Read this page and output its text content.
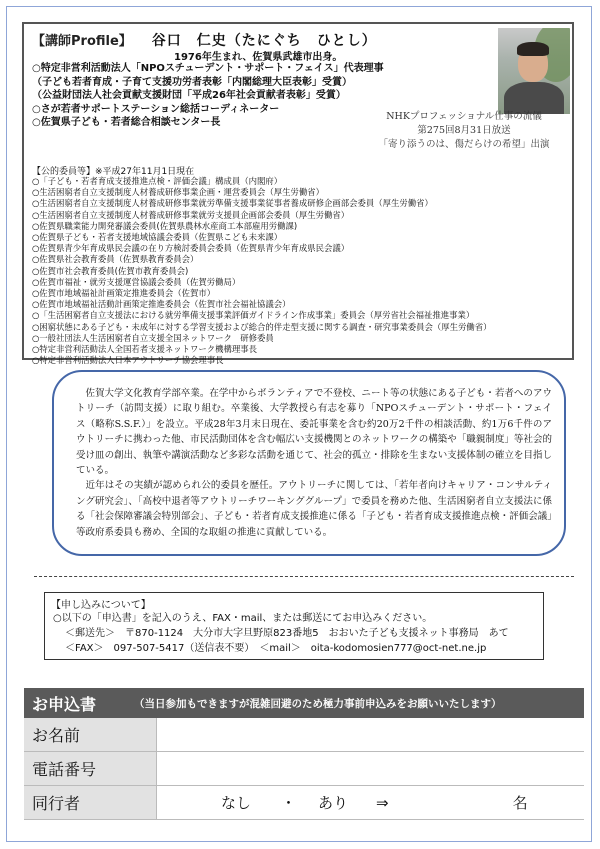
【講師Profile】 谷口　仁史（たにぐち　ひとし）
1976年生まれ、佐賀県武雄市出身。
○特定非営利活動法人「NPOスチューデント・サポート・フェイス」代表理事
（子ども若者育成・子育て支援功労者表彰「内閣総理大臣表彰」受賞）
（公益財団法人社会貢献支援財団「平成26年社会貢献者表彰」受賞）
○さが若者サポートステーション総括コーディネーター
○佐賀県子ども・若者総合相談センター長
NHKプロフェッショナル仕事の流儀
第275回8月31日放送
「寄り添うのは、傷だらけの希望」出演
【公的委員等】※平成27年11月1日現在
○「子ども・若者育成支援推進点検・評価会議」構成員（内閣府）
○生活困窮者自立支援制度人材養成研修事業企画・運営委員会（厚生労働省）
○生活困窮者自立支援制度人材養成研修事業就労準備支援事業従事者養成研修企画部会委員（厚生労働省）
○生活困窮者自立支援制度人材養成研修事業就労支援員企画部会委員（厚生労働省）
○佐賀県職業能力開発審議会委員(佐賀県農林水産商工本部雇用労働課)
○佐賀県子ども・若者支援地域協議会委員（佐賀県こども未来課）
○佐賀県青少年育成県民会議の在り方検討委員会委員（佐賀県青少年育成県民会議）
○佐賀県社会教育委員（佐賀県教育委員会）
○佐賀市社会教育委員(佐賀市教育委員会)
○佐賀市福祉・就労支援運営協議会委員（佐賀労働局）
○佐賀市地域福祉計画策定推進委員会（佐賀市）
○佐賀市地域福祉活動計画策定推進委員会（佐賀市社会福祉協議会）
○「生活困窮者自立支援法における就労準備支援事業評価ガイドライン作成事業」委員会（厚労省社会福祉推進事業）
○困窮状態にある子ども・未成年に対する学習支援および総合的伴走型支援に関する調査・研究事業委員会（厚生労働省）
○一般社団法人生活困窮者自立支援全国ネットワーク　研修委員
○特定非営利活動法人全国若者支援ネットワーク機構理事長
○特定非営利活動法人日本アウトリーチ協会理事長

佐賀大学文化教育学部卒業。在学中からボランティアで不登校、ニート等の状態にある子ども・若者へのアウトリーチ（訪問支援）に取り組む。卒業後、大学教授ら有志を募り「NPOスチューデント・サポート・フェイス（略称S.S.F.）」を設立。平成28年3月末日現在、委託事業を含む約20万2千件の相談活動、約1万6千件のアウトリーチに携わった他、市民活動団体を含む幅広い支援機関とのネットワークの構築や「職親制度」等社会的受け皿の創出、執筆や講演活動など多彩な活動を通じて、社会的孤立・排除を生まない支援体制の確立を目指している。

近年はその実績が認められ公的委員を歴任。アウトリーチに関しては、「若年者向けキャリア・コンサルティング研究会」、「高校中退者等アウトリーチワーキンググループ」で委員を務めた他、生活困窮者自立支援法に係る「社会保障審議会特別部会」、子ども・若者育成支援推進に係る「子ども・若者育成支援推進点検・評価会議」等政府系委員も務め、全国的な取組の推進に貢献している。

【申し込みについて】
○以下の「申込書」を記入のうえ、FAX・mail、または郵送にてお申込みください。
＜郵送先＞　〒870-1124　大分市大字旦野原823番地5　おおいた子ども支援ネット事務局　あて
＜FAX＞　097-507-5417（送信表不要）　＜mail＞　oita-kodomosien777@oct-net.ne.jp
お申込書	（当日参加もできますが混雑回避のため極力事前申込みをお願いいたします）
お名前	
電話番号	
同行者	なし ・ あり ⇒ 名
